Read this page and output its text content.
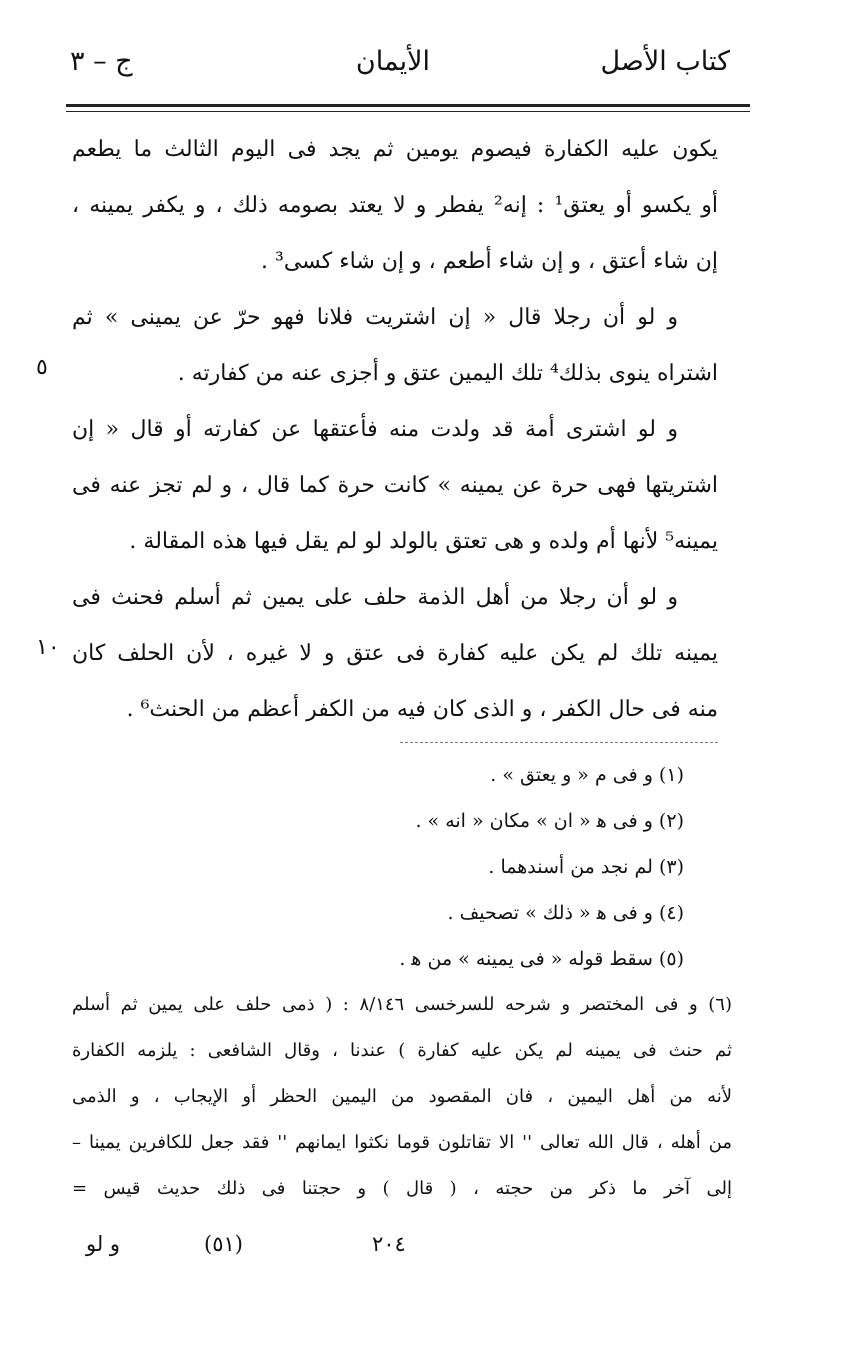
كتاب الأصل
الأيمان
ج – ٣
يكون عليه الكفارة فيصوم يومين ثم يجد فى اليوم الثالث ما يطعم
أو يكسو أو يعتق¹ : إنه² يفطر و لا يعتد بصومه ذلك ، و يكفر يمينه ،
إن شاء أعتق ، و إن شاء أطعم ، و إن شاء كسى³ .
و لو أن رجلا قال « إن اشتريت فلانا فهو حرّ عن يمينى » ثم
اشتراه ينوى بذلك⁴ تلك اليمين عتق و أجزى عنه من كفارته .
و لو اشترى أمة قد ولدت منه فأعتقها عن كفارته أو قال « إن
اشتريتها فهى حرة عن يمينه » كانت حرة كما قال ، و لم تجز عنه فى
يمينه⁵ لأنها أم ولده و هى تعتق بالولد لو لم يقل فيها هذه المقالة .
و لو أن رجلا من أهل الذمة حلف على يمين ثم أسلم فحنث فى
يمينه تلك لم يكن عليه كفارة فى عتق و لا غيره ، لأن الحلف كان
منه فى حال الكفر ، و الذى كان فيه من الكفر أعظم من الحنث⁶ .
٥
١٠
(١) و فى م « و يعتق » .
(٢) و فى ﻫ « ان » مكان « انه » .
(٣) لم نجد من أسندهما .
(٤) و فى ﻫ « ذلك » تصحيف .
(٥) سقط قوله « فى يمينه » من ﻫ .
(٦) و فى المختصر و شرحه للسرخسى ٨/١٤٦ : ( ذمى حلف على يمين ثم أسلم
ثم حنث فى يمينه لم يكن عليه كفارة ) عندنا ، وقال الشافعى : يلزمه الكفارة
لأنه من أهل اليمين ، فان المقصود من اليمين الحظر أو الإيجاب ، و الذمى
من أهله ، قال الله تعالى '' الا تقاتلون قوما نكثوا ايمانهم '' فقد جعل للكافرين يمينا –
إلى آخر ما ذكر من حجته ، ( قال ) و حجتنا فى ذلك حديث قيس =
٢٠٤
(٥١)
و لو
